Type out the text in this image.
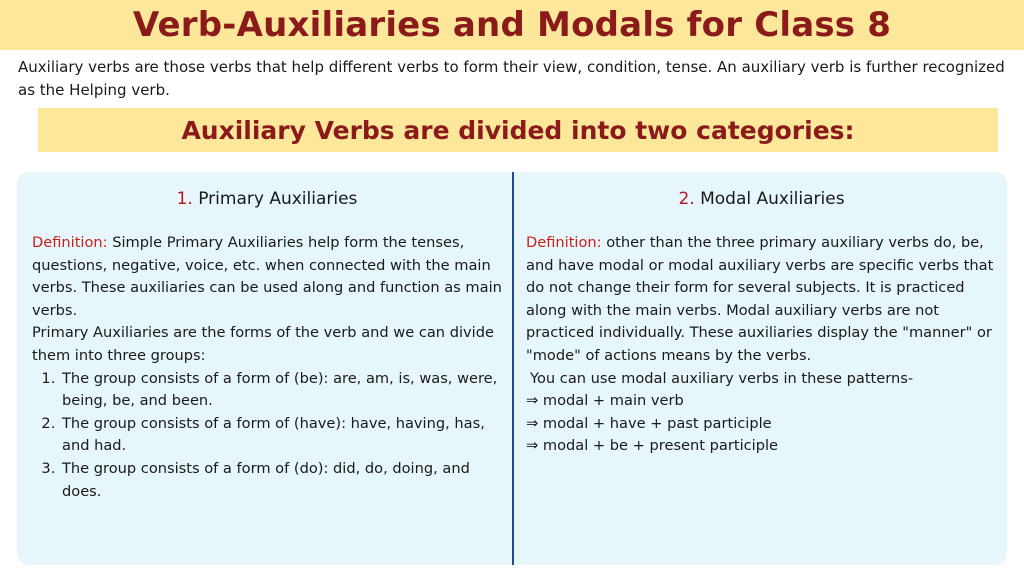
Verb-Auxiliaries and Modals for Class 8
Auxiliary verbs are those verbs that help different verbs to form their view, condition, tense. An auxiliary verb is further recognized as the Helping verb.
Auxiliary Verbs are divided into two categories:
1. Primary Auxiliaries
Definition: Simple Primary Auxiliaries help form the tenses, questions, negative, voice, etc. when connected with the main verbs. These auxiliaries can be used along and function as main verbs.
Primary Auxiliaries are the forms of the verb and we can divide them into three groups:
1. The group consists of a form of (be): are, am, is, was, were, being, be, and been.
2. The group consists of a form of (have): have, having, has, and had.
3. The group consists of a form of (do): did, do, doing, and does.
2. Modal Auxiliaries
Definition: other than the three primary auxiliary verbs do, be, and have modal or modal auxiliary verbs are specific verbs that do not change their form for several subjects. It is practiced along with the main verbs. Modal auxiliary verbs are not practiced individually. These auxiliaries display the "manner" or "mode" of actions means by the verbs.
You can use modal auxiliary verbs in these patterns-
⇒ modal + main verb
⇒ modal + have + past participle
⇒ modal + be + present participle
